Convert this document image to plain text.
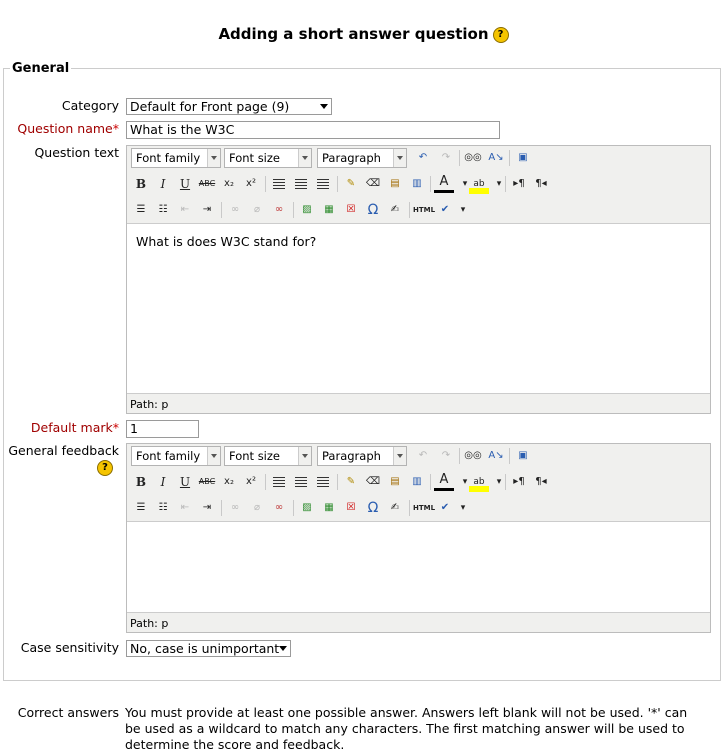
Adding a short answer question ?
General
Category Default for Front page (9)
Question name* What is the W3C
Question text	Font family	Font size	Paragraph	↶	↷	◎◎ A↘	▣
B	I	U	ABC x₂	x²	✎	⌫	▤	▥	A	▾ ab	▾	▸¶	¶◂
☰	☷	⇤	⇥	∞	⌀	∞	▨	▦	☒ Ω	✍	HTML ✔	▾
What is does W3C stand for?
Path: p
Default mark* 1
General feedback
?
Font family	Font size	Paragraph	↶	↷	◎◎ A↘	▣
B	I	U	ABC x₂	x²	✎	⌫	▤	▥	A	▾ ab	▾	▸¶	¶◂
☰	☷	⇤	⇥	∞	⌀	∞	▨	▦	☒ Ω	✍	HTML ✔	▾
Path: p
Case sensitivity No, case is unimportant
Correct answers You must provide at least one possible answer. Answers left blank will not be used. '*' can be used as a wildcard to match any characters. The first matching answer will be used to determine the score and feedback.
